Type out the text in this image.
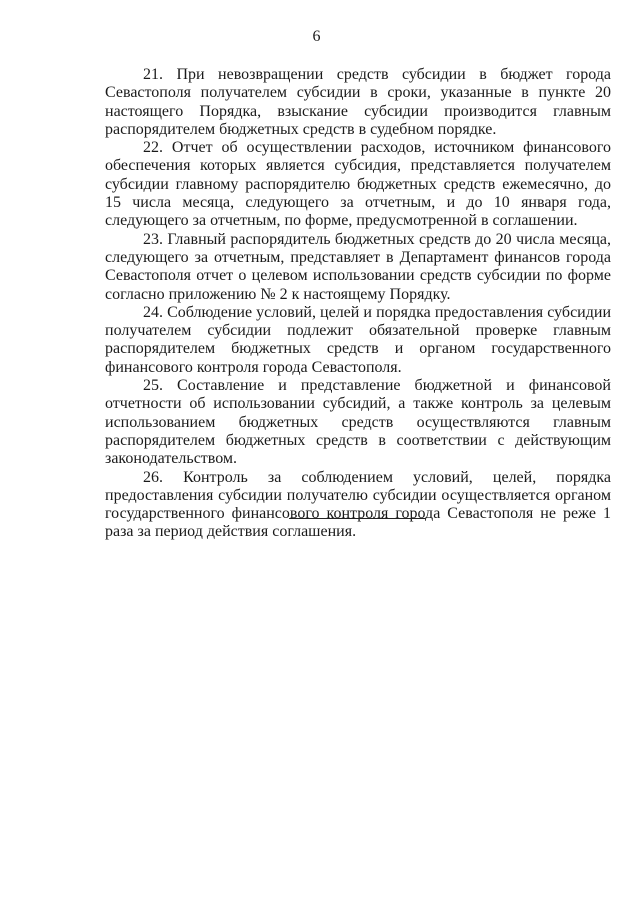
6

21. При невозвращении средств субсидии в бюджет города Севастополя получателем субсидии в сроки, указанные в пункте 20 настоящего Порядка, взыскание субсидии производится главным распорядителем бюджетных средств в судебном порядке.

22. Отчет об осуществлении расходов, источником финансового обеспечения которых является субсидия, представляется получателем субсидии главному распорядителю бюджетных средств ежемесячно, до 15 числа месяца, следующего за отчетным, и до 10 января года, следующего за отчетным, по форме, предусмотренной в соглашении.

23. Главный распорядитель бюджетных средств до 20 числа месяца, следующего за отчетным, представляет в Департамент финансов города Севастополя отчет о целевом использовании средств субсидии по форме согласно приложению № 2 к настоящему Порядку.

24. Соблюдение условий, целей и порядка предоставления субсидии получателем субсидии подлежит обязательной проверке главным распорядителем бюджетных средств и органом государственного финансового контроля города Севастополя.

25. Составление и представление бюджетной и финансовой отчетности об использовании субсидий, а также контроль за целевым использованием бюджетных средств осуществляются главным распорядителем бюджетных средств в соответствии с действующим законодательством.

26. Контроль за соблюдением условий, целей, порядка предоставления субсидии получателю субсидии осуществляется органом государственного финансового контроля города Севастополя не реже 1 раза за период действия соглашения.
